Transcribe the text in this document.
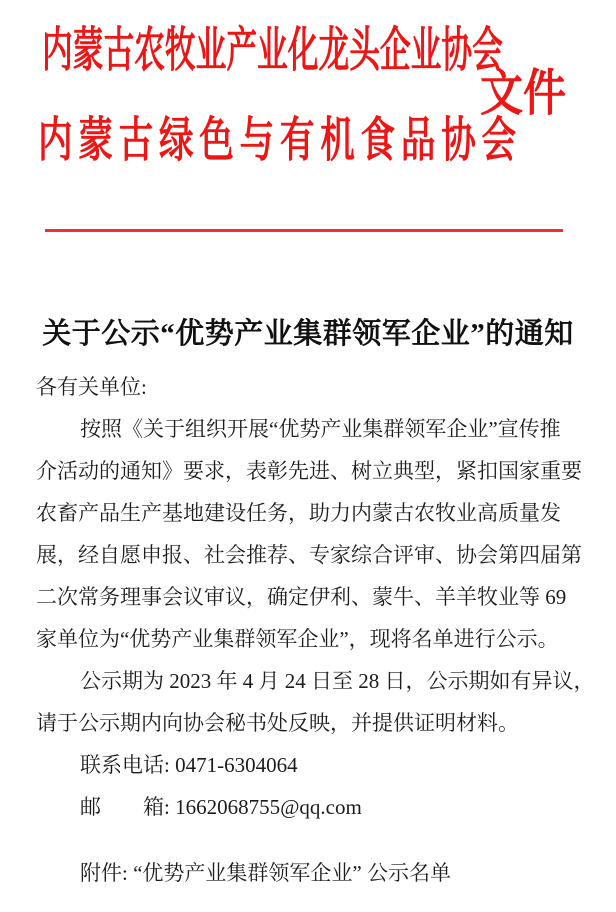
内蒙古农牧业产业化龙头企业协会
文件
内蒙古绿色与有机食品协会
关于公示“优势产业集群领军企业”的通知
各有关单位:
按照《关于组织开展“优势产业集群领军企业”宣传推
介活动的通知》要求，表彰先进、树立典型，紧扣国家重要
农畜产品生产基地建设任务，助力内蒙古农牧业高质量发
展，经自愿申报、社会推荐、专家综合评审、协会第四届第
二次常务理事会议审议，确定伊利、蒙牛、羊羊牧业等 69
家单位为“优势产业集群领军企业”，现将名单进行公示。
公示期为 2023 年 4 月 24 日至 28 日，公示期如有异议，
请于公示期内向协会秘书处反映，并提供证明材料。
联系电话: 0471-6304064
邮　　箱: 1662068755@qq.com
附件: “优势产业集群领军企业” 公示名单
